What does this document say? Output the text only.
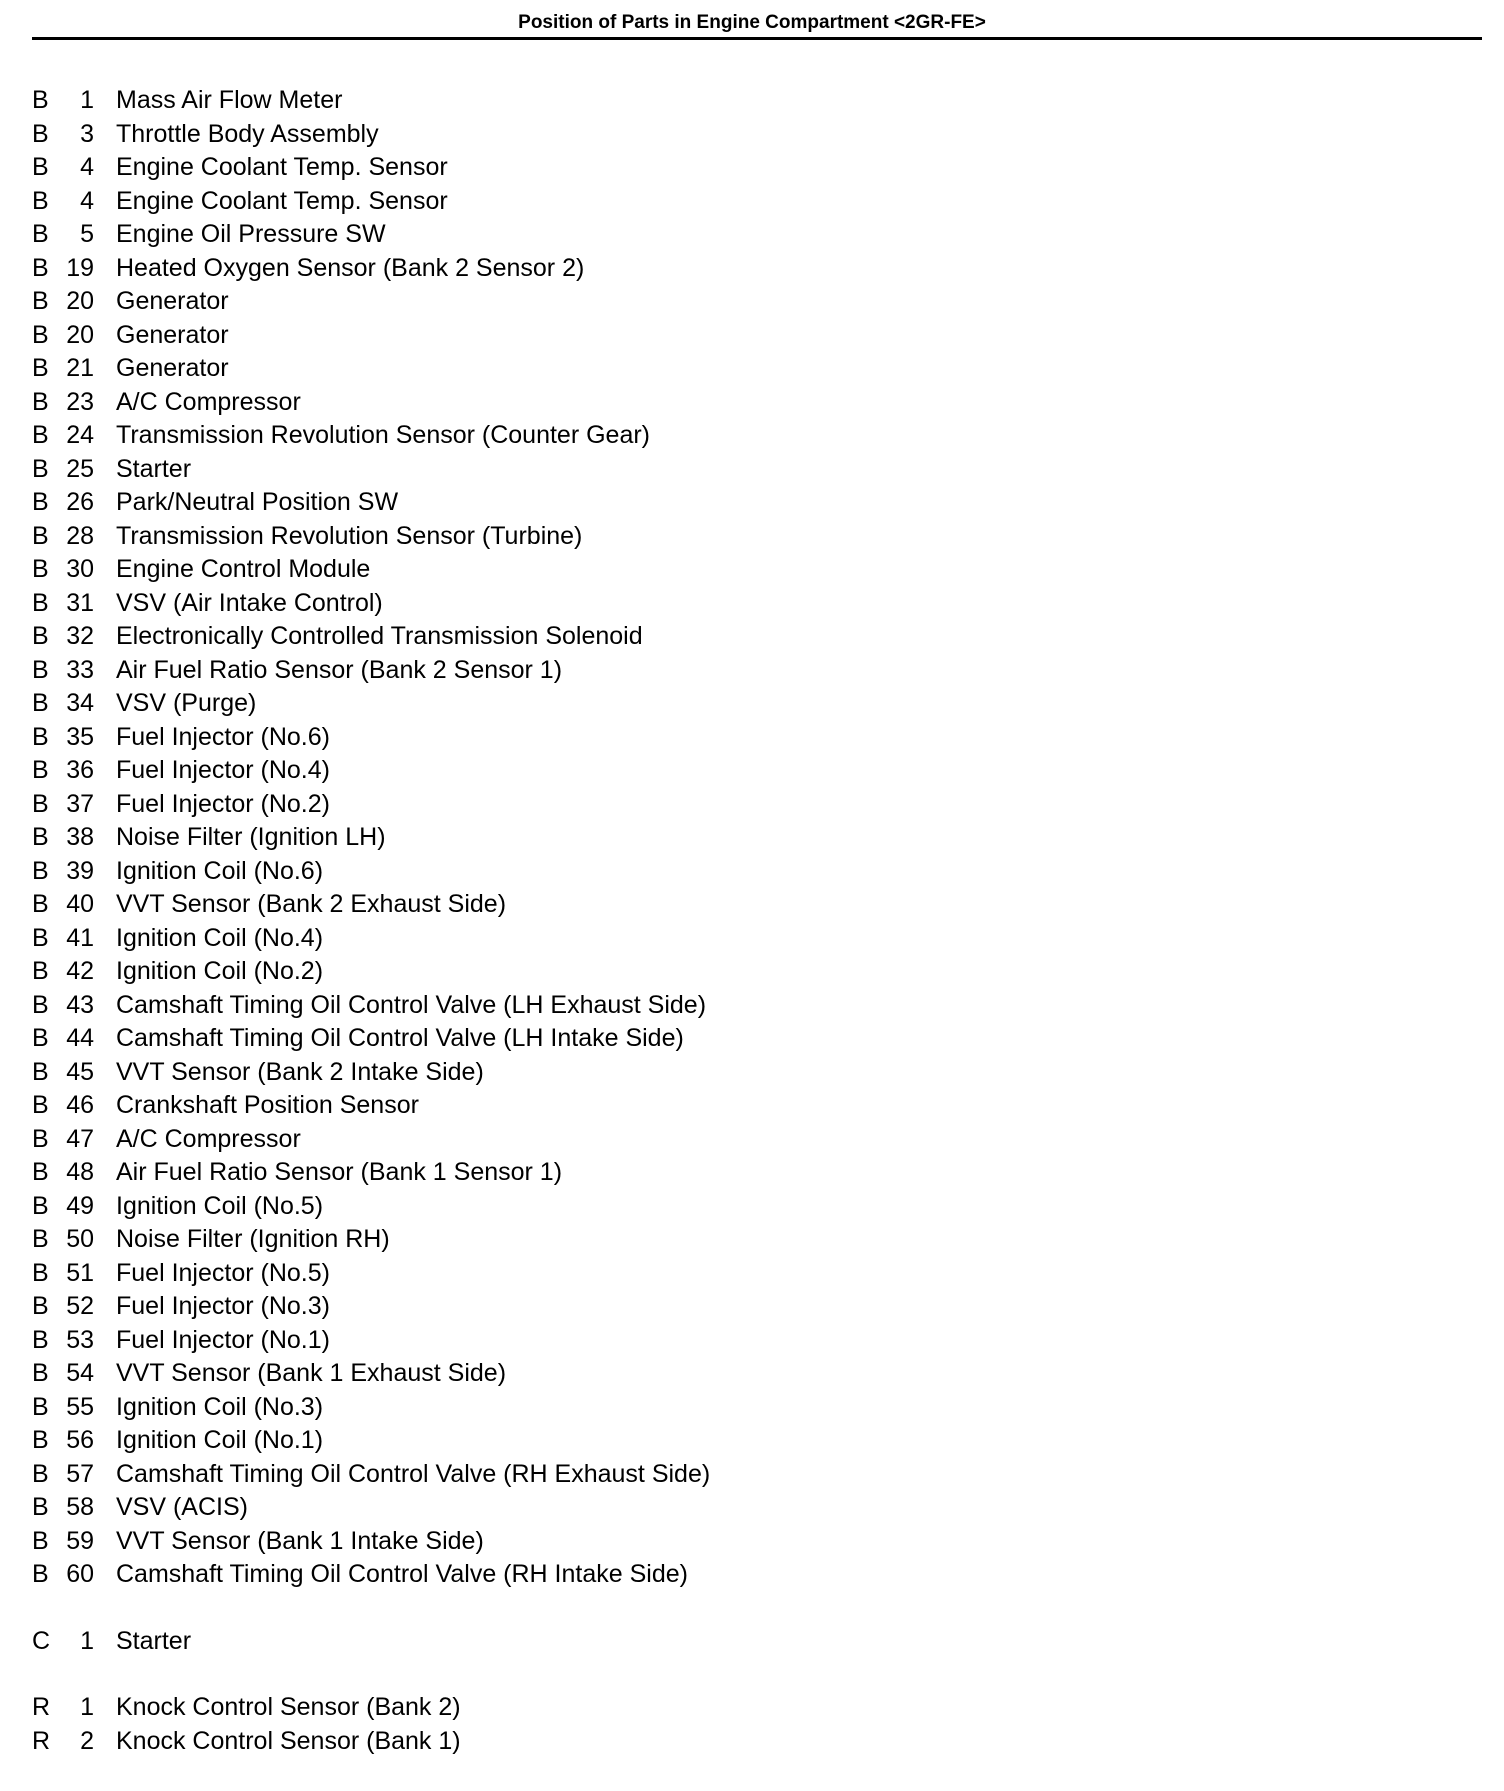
Position of Parts in Engine Compartment <2GR-FE>
B	1 Mass Air Flow Meter
B	3 Throttle Body Assembly
B	4 Engine Coolant Temp. Sensor
B	4 Engine Coolant Temp. Sensor
B	5 Engine Oil Pressure SW
B 19 Heated Oxygen Sensor (Bank 2 Sensor 2)
B 20 Generator
B 20 Generator
B 21 Generator
B 23 A/C Compressor
B 24 Transmission Revolution Sensor (Counter Gear)
B 25 Starter
B 26 Park/Neutral Position SW
B 28 Transmission Revolution Sensor (Turbine)
B 30 Engine Control Module
B 31 VSV (Air Intake Control)
B 32 Electronically Controlled Transmission Solenoid
B 33 Air Fuel Ratio Sensor (Bank 2 Sensor 1)
B 34 VSV (Purge)
B 35 Fuel Injector (No.6)
B 36 Fuel Injector (No.4)
B 37 Fuel Injector (No.2)
B 38 Noise Filter (Ignition LH)
B 39 Ignition Coil (No.6)
B 40 VVT Sensor (Bank 2 Exhaust Side)
B 41 Ignition Coil (No.4)
B 42 Ignition Coil (No.2)
B 43 Camshaft Timing Oil Control Valve (LH Exhaust Side)
B 44 Camshaft Timing Oil Control Valve (LH Intake Side)
B 45 VVT Sensor (Bank 2 Intake Side)
B 46 Crankshaft Position Sensor
B 47 A/C Compressor
B 48 Air Fuel Ratio Sensor (Bank 1 Sensor 1)
B 49 Ignition Coil (No.5)
B 50 Noise Filter (Ignition RH)
B 51 Fuel Injector (No.5)
B 52 Fuel Injector (No.3)
B 53 Fuel Injector (No.1)
B 54 VVT Sensor (Bank 1 Exhaust Side)
B 55 Ignition Coil (No.3)
B 56 Ignition Coil (No.1)
B 57 Camshaft Timing Oil Control Valve (RH Exhaust Side)
B 58 VSV (ACIS)
B 59 VVT Sensor (Bank 1 Intake Side)
B 60 Camshaft Timing Oil Control Valve (RH Intake Side)
C	1 Starter
R	1 Knock Control Sensor (Bank 2)
R	2 Knock Control Sensor (Bank 1)
